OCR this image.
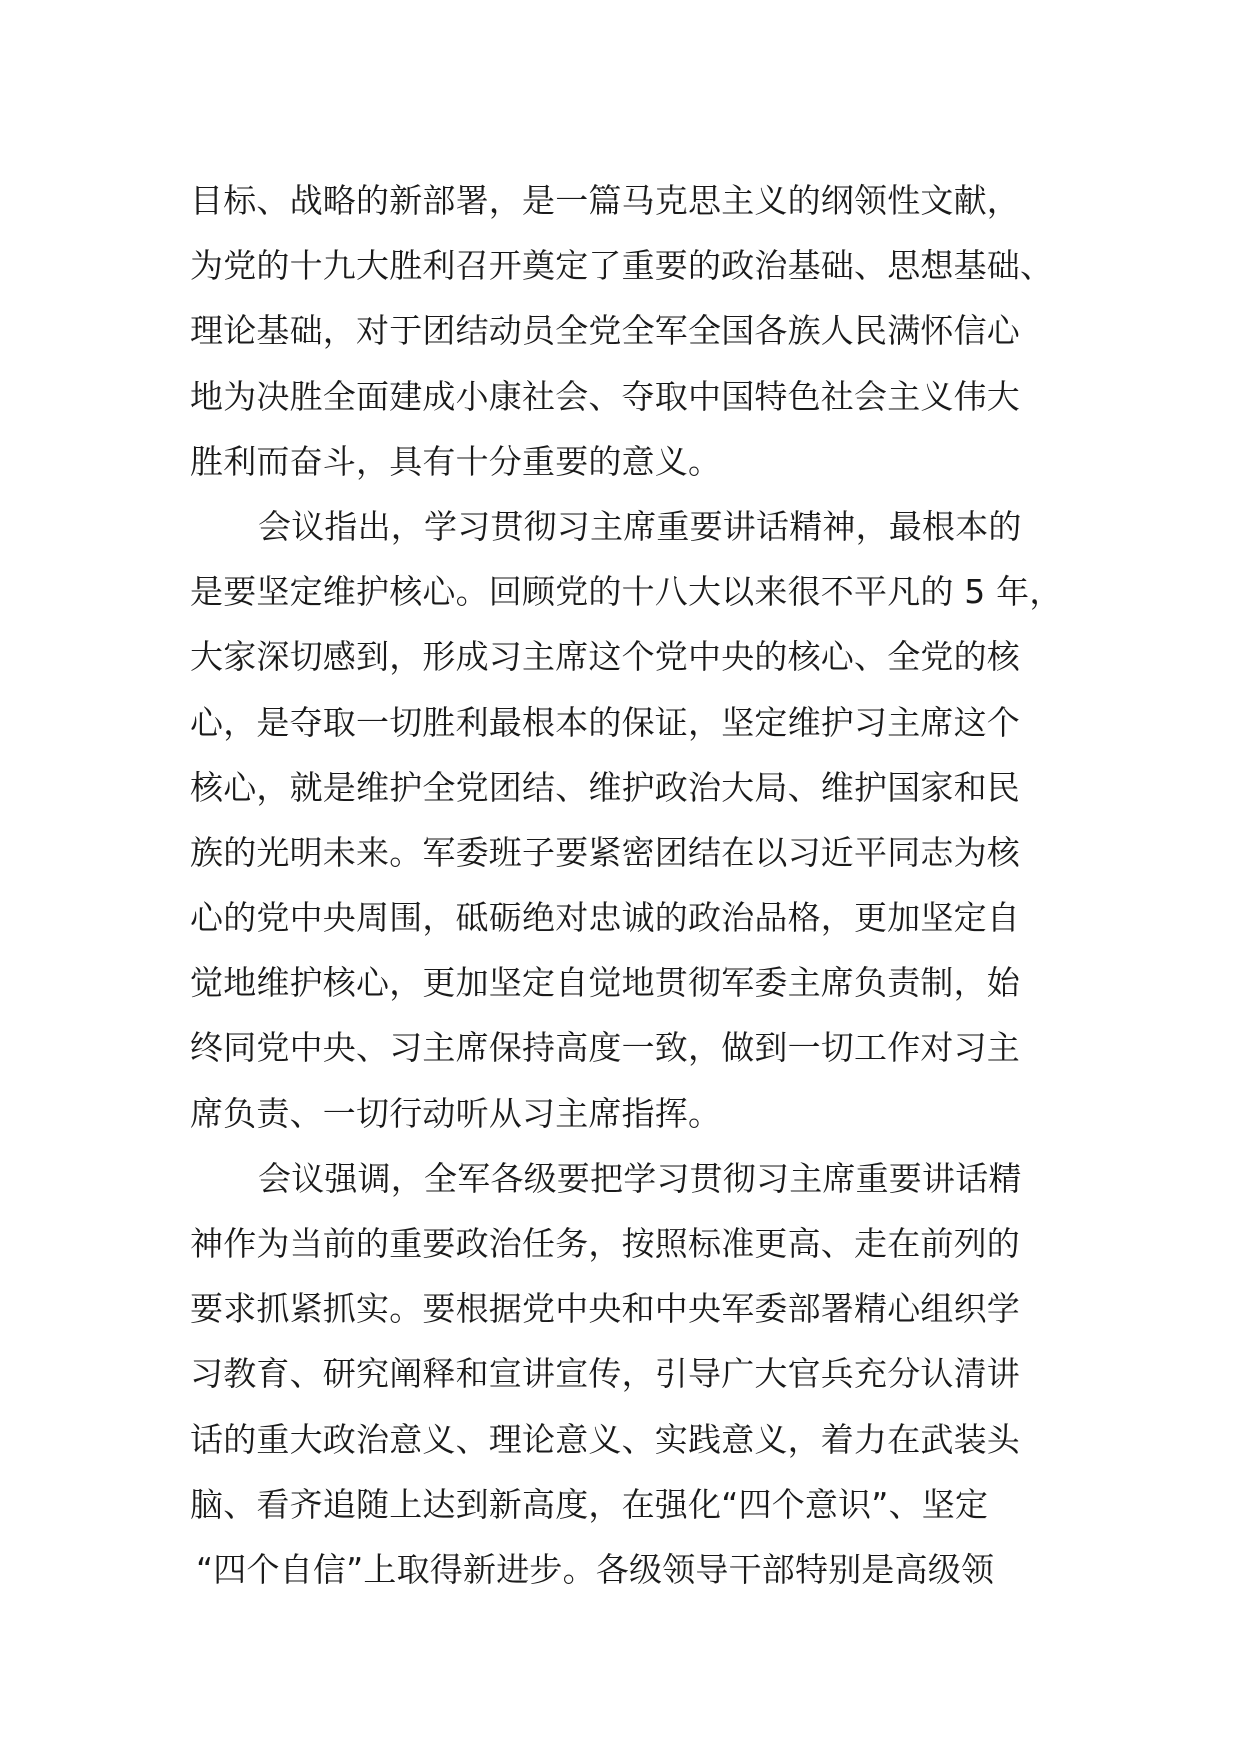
目标、战略的新部署，是一篇马克思主义的纲领性文献，
为党的十九大胜利召开奠定了重要的政治基础、思想基础、
理论基础，对于团结动员全党全军全国各族人民满怀信心
地为决胜全面建成小康社会、夺取中国特色社会主义伟大
胜利而奋斗，具有十分重要的意义。
会议指出，学习贯彻习主席重要讲话精神，最根本的
是要坚定维护核心。回顾党的十八大以来很不平凡的 5 年，
大家深切感到，形成习主席这个党中央的核心、全党的核
心，是夺取一切胜利最根本的保证，坚定维护习主席这个
核心，就是维护全党团结、维护政治大局、维护国家和民
族的光明未来。军委班子要紧密团结在以习近平同志为核
心的党中央周围，砥砺绝对忠诚的政治品格，更加坚定自
觉地维护核心，更加坚定自觉地贯彻军委主席负责制，始
终同党中央、习主席保持高度一致，做到一切工作对习主
席负责、一切行动听从习主席指挥。
会议强调，全军各级要把学习贯彻习主席重要讲话精
神作为当前的重要政治任务，按照标准更高、走在前列的
要求抓紧抓实。要根据党中央和中央军委部署精心组织学
习教育、研究阐释和宣讲宣传，引导广大官兵充分认清讲
话的重大政治意义、理论意义、实践意义，着力在武装头
脑、看齐追随上达到新高度，在强化“四个意识”、坚定
“四个自信”上取得新进步。各级领导干部特别是高级领
